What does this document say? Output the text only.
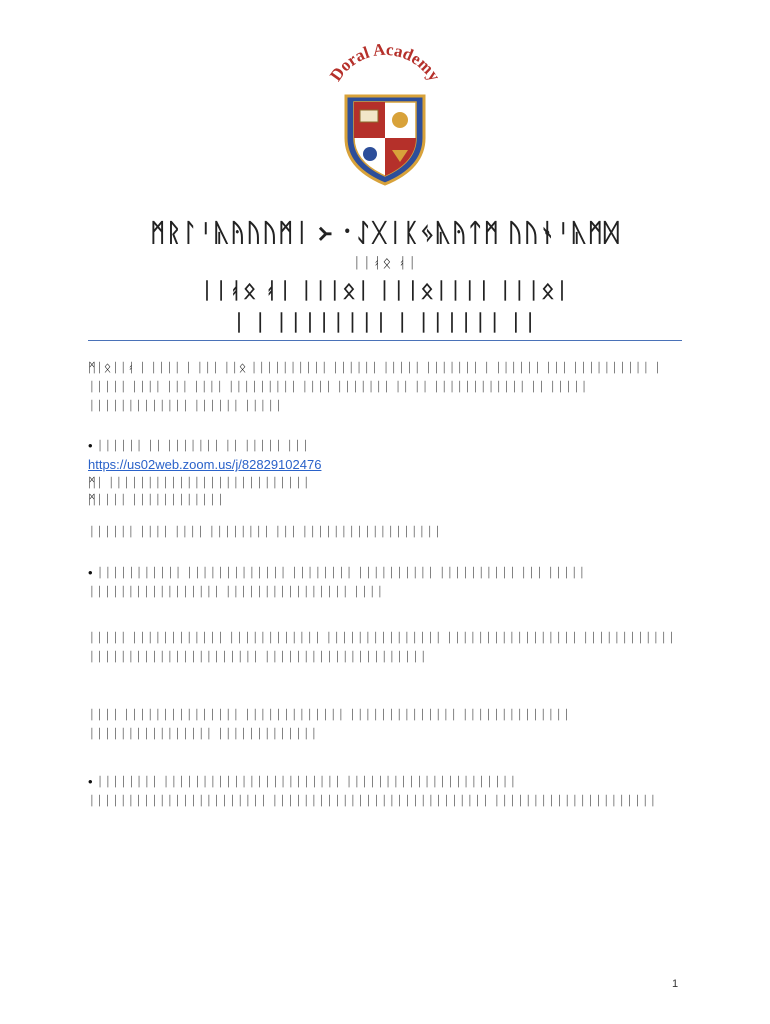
Doral Academy
ᛗᚱᛚᛌᚣᚤᚢᚢᛗᛁ ᚛ ᛫ᛇᚷᛁᛕᛃᚣᚤᛏᛗ ᚢᚢᛀᛌᚣᛗᛞ
ᛁᛁᚮᛟ ᚮᛁ
ᛁᛁᚮᛟ ᚮᛁ ᛁᛁᛁᛟᛁ ᛁᛁᛁᛟᛁᛁᛁᛁ ᛁᛁᛁᛟᛁ
ᛁ ᛁ ᛁᛁᛁᛁᛁᛁᛁᛁ ᛁ ᛁᛁᛁᛁᛁᛁ ᛁᛁ
ᛗᛁᛟᛁᛁᚮ ᛁ ᛁᛁᛁᛁ ᛁ ᛁᛁᛁ ᛁᛁᛟ ᛁᛁᛁᛁᛁᛁᛁᛁᛁᛁ ᛁᛁᛁᛁᛁᛁ ᛁᛁᛁᛁᛁ ᛁᛁᛁᛁᛁᛁᛁ ᛁ ᛁᛁᛁᛁᛁᛁ ᛁᛁᛁ ᛁᛁᛁᛁᛁᛁᛁᛁᛁᛁ ᛁ ᛁᛁᛁᛁᛁ ᛁᛁᛁᛁ ᛁᛁᛁ ᛁᛁᛁᛁ ᛁᛁᛁᛁᛁᛁᛁᛁᛁ ᛁᛁᛁᛁ ᛁᛁᛁᛁᛁᛁᛁ ᛁᛁ ᛁᛁ ᛁᛁᛁᛁᛁᛁᛁᛁᛁᛁᛁᛁ ᛁᛁ ᛁᛁᛁᛁᛁ ᛁᛁᛁᛁᛁᛁᛁᛁᛁᛁᛁᛁᛁ ᛁᛁᛁᛁᛁᛁ ᛁᛁᛁᛁᛁ
• ᛁᛁᛁᛁᛁᛁ ᛁᛁ ᛁᛁᛁᛁᛁᛁᛁ ᛁᛁ ᛁᛁᛁᛁᛁ ᛁᛁᛁ
https://us02web.zoom.us/j/82829102476
ᛗᛁ ᛁᛁᛁᛁᛁᛁᛁᛁᛁᛁᛁᛁᛁᛁᛁᛁᛁᛁᛁᛁᛁᛁᛁᛁᛁᛁ
ᛗᛁᛁᛁᛁ ᛁᛁᛁᛁᛁᛁᛁᛁᛁᛁᛁᛁ
ᛁᛁᛁᛁᛁᛁ ᛁᛁᛁᛁ ᛁᛁᛁᛁ ᛁᛁᛁᛁᛁᛁᛁᛁ ᛁᛁᛁ ᛁᛁᛁᛁᛁᛁᛁᛁᛁᛁᛁᛁᛁᛁᛁᛁᛁᛁ
• ᛁᛁᛁᛁᛁᛁᛁᛁᛁᛁᛁ ᛁᛁᛁᛁᛁᛁᛁᛁᛁᛁᛁᛁᛁ ᛁᛁᛁᛁᛁᛁᛁᛁ ᛁᛁᛁᛁᛁᛁᛁᛁᛁᛁ ᛁᛁᛁᛁᛁᛁᛁᛁᛁᛁ ᛁᛁᛁ ᛁᛁᛁᛁᛁ ᛁᛁᛁᛁᛁᛁᛁᛁᛁᛁᛁᛁᛁᛁᛁᛁᛁ ᛁᛁᛁᛁᛁᛁᛁᛁᛁᛁᛁᛁᛁᛁᛁᛁ ᛁᛁᛁᛁ
ᛁᛁᛁᛁᛁ ᛁᛁᛁᛁᛁᛁᛁᛁᛁᛁᛁᛁ ᛁᛁᛁᛁᛁᛁᛁᛁᛁᛁᛁᛁ ᛁᛁᛁᛁᛁᛁᛁᛁᛁᛁᛁᛁᛁᛁᛁ ᛁᛁᛁᛁᛁᛁᛁᛁᛁᛁᛁᛁᛁᛁᛁᛁᛁ ᛁᛁᛁᛁᛁᛁᛁᛁᛁᛁᛁᛁ ᛁᛁᛁᛁᛁᛁᛁᛁᛁᛁᛁᛁᛁᛁᛁᛁᛁᛁᛁᛁᛁᛁ ᛁᛁᛁᛁᛁᛁᛁᛁᛁᛁᛁᛁᛁᛁᛁᛁᛁᛁᛁᛁᛁ
ᛁᛁᛁᛁ ᛁᛁᛁᛁᛁᛁᛁᛁᛁᛁᛁᛁᛁᛁᛁ ᛁᛁᛁᛁᛁᛁᛁᛁᛁᛁᛁᛁᛁ ᛁᛁᛁᛁᛁᛁᛁᛁᛁᛁᛁᛁᛁᛁ ᛁᛁᛁᛁᛁᛁᛁᛁᛁᛁᛁᛁᛁᛁ ᛁᛁᛁᛁᛁᛁᛁᛁᛁᛁᛁᛁᛁᛁᛁᛁ ᛁᛁᛁᛁᛁᛁᛁᛁᛁᛁᛁᛁᛁ
• ᛁᛁᛁᛁᛁᛁᛁᛁ ᛁᛁᛁᛁᛁᛁᛁᛁᛁᛁᛁᛁᛁᛁᛁᛁᛁᛁᛁᛁᛁᛁᛁ ᛁᛁᛁᛁᛁᛁᛁᛁᛁᛁᛁᛁᛁᛁᛁᛁᛁᛁᛁᛁᛁᛁ ᛁᛁᛁᛁᛁᛁᛁᛁᛁᛁᛁᛁᛁᛁᛁᛁᛁᛁᛁᛁᛁᛁᛁ ᛁᛁᛁᛁᛁᛁᛁᛁᛁᛁᛁᛁᛁᛁᛁᛁᛁᛁᛁᛁᛁᛁᛁᛁᛁᛁᛁᛁ ᛁᛁᛁᛁᛁᛁᛁᛁᛁᛁᛁᛁᛁᛁᛁᛁᛁᛁᛁᛁᛁ
1
